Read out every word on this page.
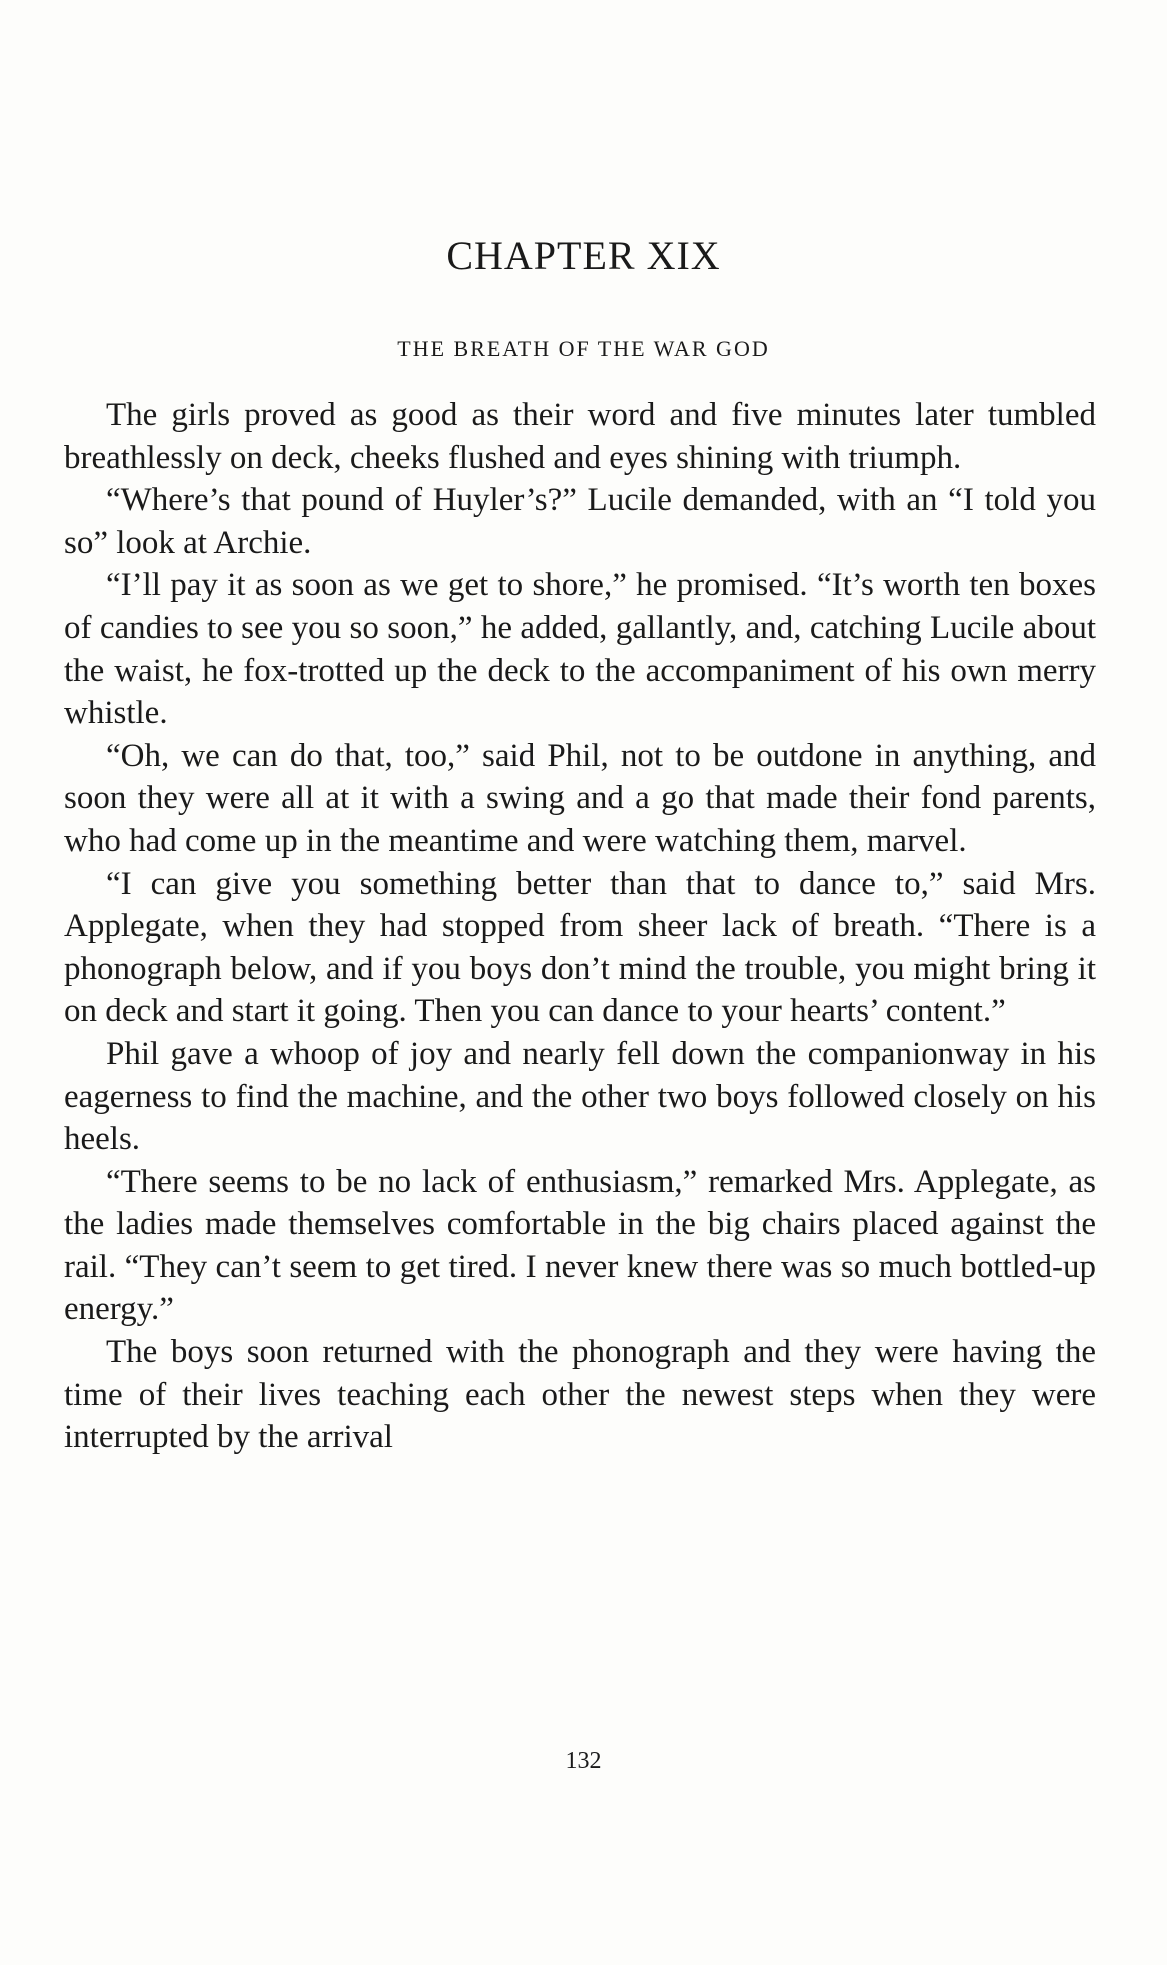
CHAPTER XIX
THE BREATH OF THE WAR GOD

The girls proved as good as their word and five minutes later tumbled breathlessly on deck, cheeks flushed and eyes shining with triumph.

“Where’s that pound of Huyler’s?” Lucile demanded, with an “I told you so” look at Archie.

“I’ll pay it as soon as we get to shore,” he promised. “It’s worth ten boxes of candies to see you so soon,” he added, gallantly, and, catching Lucile about the waist, he fox-trotted up the deck to the accompaniment of his own merry whistle.

“Oh, we can do that, too,” said Phil, not to be outdone in anything, and soon they were all at it with a swing and a go that made their fond parents, who had come up in the meantime and were watching them, marvel.

“I can give you something better than that to dance to,” said Mrs. Applegate, when they had stopped from sheer lack of breath. “There is a phonograph below, and if you boys don’t mind the trouble, you might bring it on deck and start it going. Then you can dance to your hearts’ content.”

Phil gave a whoop of joy and nearly fell down the companionway in his eagerness to find the machine, and the other two boys followed closely on his heels.

“There seems to be no lack of enthusiasm,” remarked Mrs. Applegate, as the ladies made themselves comfortable in the big chairs placed against the rail. “They can’t seem to get tired. I never knew there was so much bottled-up energy.”

The boys soon returned with the phonograph and they were having the time of their lives teaching each other the newest steps when they were interrupted by the arrival

132
